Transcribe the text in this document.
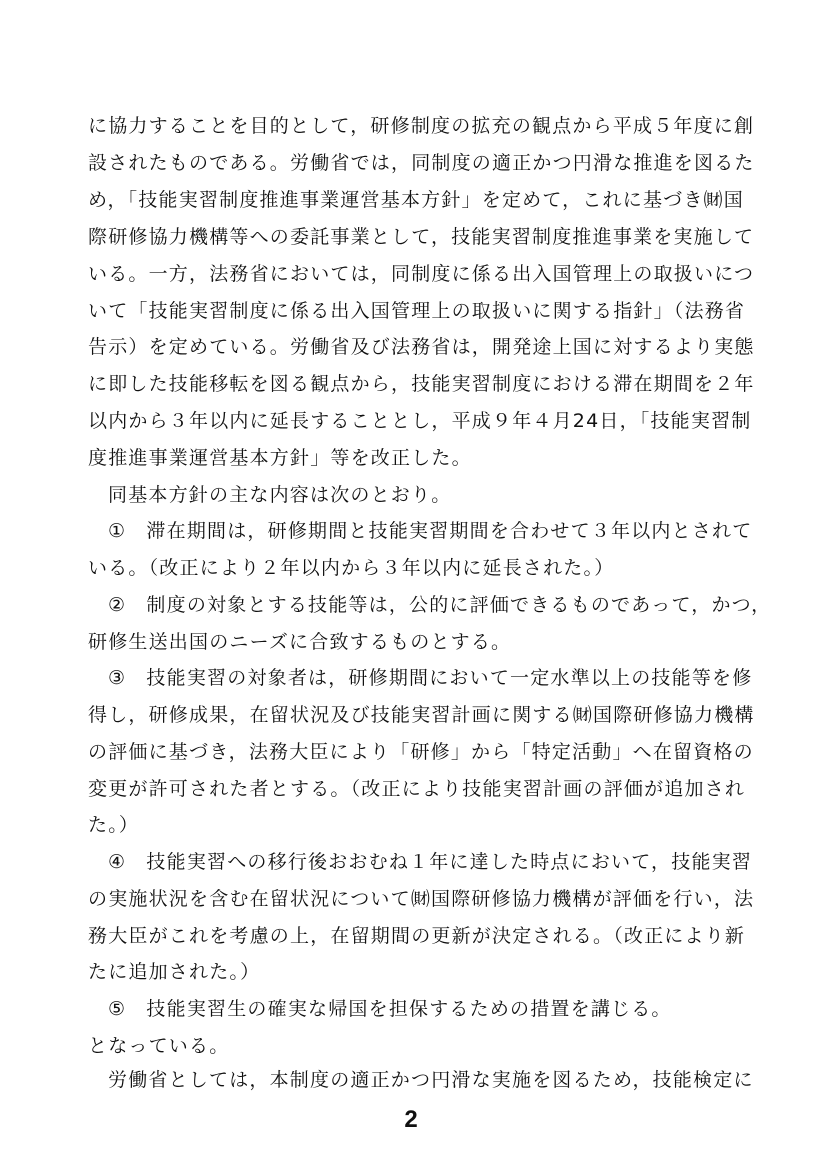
に協力することを目的として，研修制度の拡充の観点から平成５年度に創
設されたものである。労働省では，同制度の適正かつ円滑な推進を図るた
め，「技能実習制度推進事業運営基本方針」を定めて，これに基づき㈶国
際研修協力機構等への委託事業として，技能実習制度推進事業を実施して
いる。一方，法務省においては，同制度に係る出入国管理上の取扱いにつ
いて「技能実習制度に係る出入国管理上の取扱いに関する指針」（法務省
告示）を定めている。労働省及び法務省は，開発途上国に対するより実態
に即した技能移転を図る観点から，技能実習制度における滞在期間を２年
以内から３年以内に延長することとし，平成９年４月24日，「技能実習制
度推進事業運営基本方針」等を改正した。
同基本方針の主な内容は次のとおり。
①　滞在期間は，研修期間と技能実習期間を合わせて３年以内とされて
いる。（改正により２年以内から３年以内に延長された。）
②　制度の対象とする技能等は，公的に評価できるものであって，かつ，
研修生送出国のニーズに合致するものとする。
③　技能実習の対象者は，研修期間において一定水準以上の技能等を修
得し，研修成果，在留状況及び技能実習計画に関する㈶国際研修協力機構
の評価に基づき，法務大臣により「研修」から「特定活動」へ在留資格の
変更が許可された者とする。（改正により技能実習計画の評価が追加され
た。）
④　技能実習への移行後おおむね１年に達した時点において，技能実習
の実施状況を含む在留状況について㈶国際研修協力機構が評価を行い，法
務大臣がこれを考慮の上，在留期間の更新が決定される。（改正により新
たに追加された。）
⑤　技能実習生の確実な帰国を担保するための措置を講じる。
となっている。
労働省としては，本制度の適正かつ円滑な実施を図るため，技能検定に
2
